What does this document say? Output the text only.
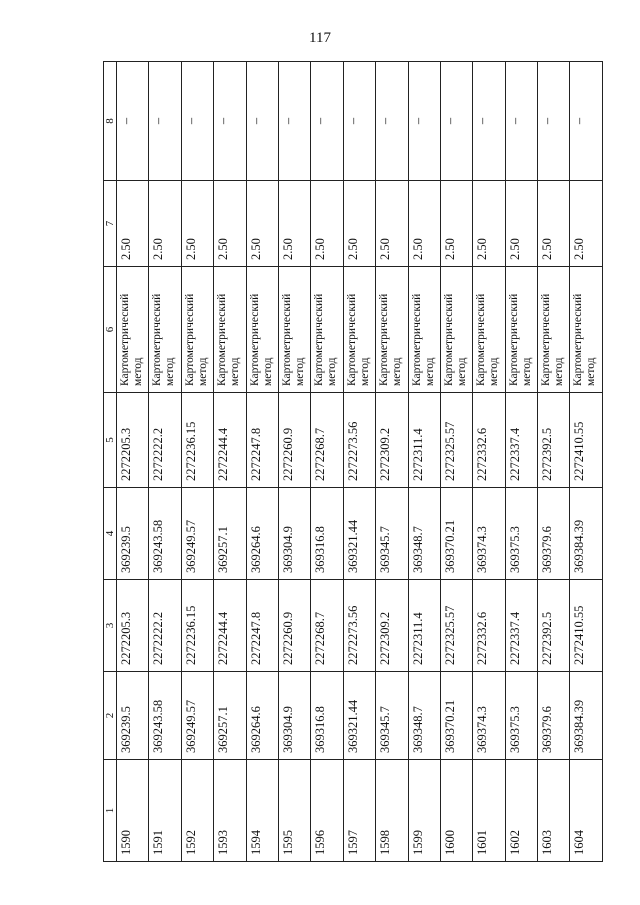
117
1	2	3	4	5	6	7	8
1590	369239.5	2272205.3	369239.5	2272205.3	Картометрический метод	2.50	–
1591	369243.58	2272222.2	369243.58	2272222.2	Картометрический метод	2.50	–
1592	369249.57	2272236.15	369249.57	2272236.15	Картометрический метод	2.50	–
1593	369257.1	2272244.4	369257.1	2272244.4	Картометрический метод	2.50	–
1594	369264.6	2272247.8	369264.6	2272247.8	Картометрический метод	2.50	–
1595	369304.9	2272260.9	369304.9	2272260.9	Картометрический метод	2.50	–
1596	369316.8	2272268.7	369316.8	2272268.7	Картометрический метод	2.50	–
1597	369321.44	2272273.56	369321.44	2272273.56	Картометрический метод	2.50	–
1598	369345.7	2272309.2	369345.7	2272309.2	Картометрический метод	2.50	–
1599	369348.7	2272311.4	369348.7	2272311.4	Картометрический метод	2.50	–
1600	369370.21	2272325.57	369370.21	2272325.57	Картометрический метод	2.50	–
1601	369374.3	2272332.6	369374.3	2272332.6	Картометрический метод	2.50	–
1602	369375.3	2272337.4	369375.3	2272337.4	Картометрический метод	2.50	–
1603	369379.6	2272392.5	369379.6	2272392.5	Картометрический метод	2.50	–
1604	369384.39	2272410.55	369384.39	2272410.55	Картометрический метод	2.50	–
